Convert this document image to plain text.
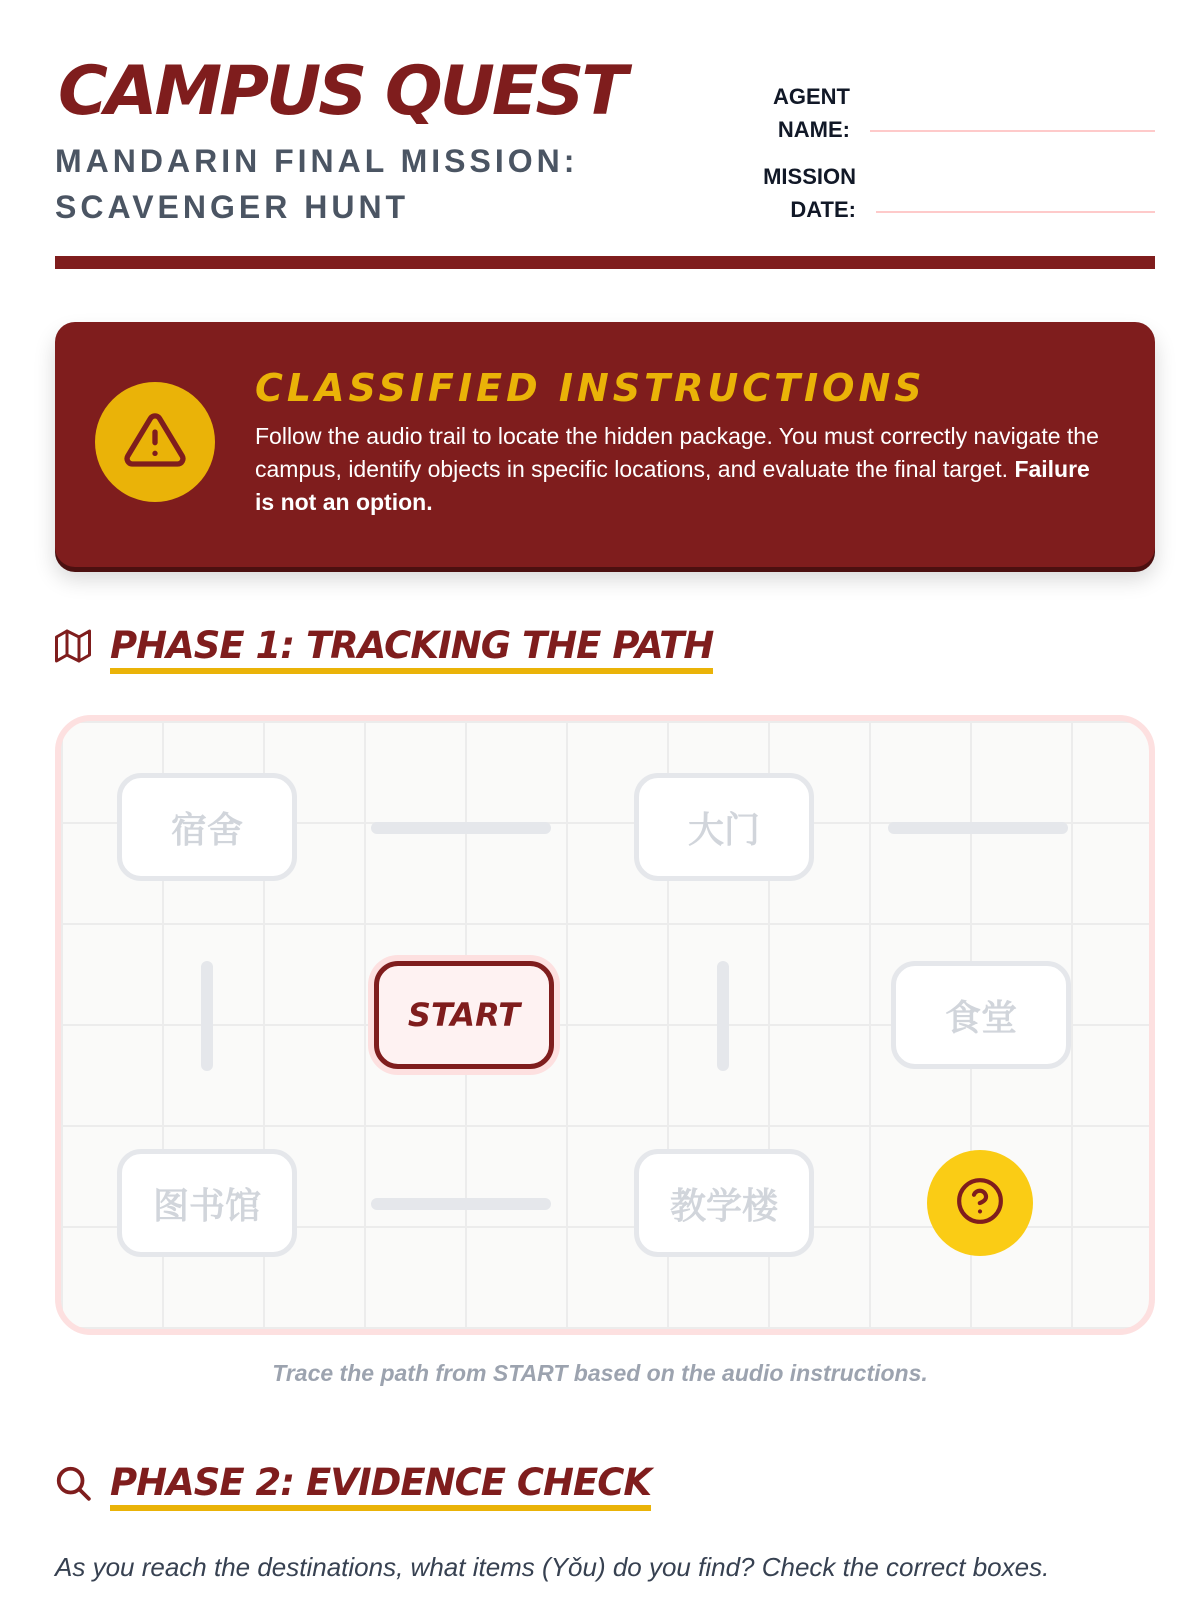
CAMPUS QUEST
MANDARIN FINAL MISSION:
SCAVENGER HUNT
AGENT
NAME:
MISSION
DATE:
CLASSIFIED INSTRUCTIONS
Follow the audio trail to locate the hidden package. You must correctly navigate the campus, identify objects in specific locations, and evaluate the final target. Failure is not an option.
PHASE 1: TRACKING THE PATH
宿舍	大门
START	食堂
图书馆	教学楼
Trace the path from START based on the audio instructions.
PHASE 2: EVIDENCE CHECK
As you reach the destinations, what items (Yǒu) do you find? Check the correct boxes.
